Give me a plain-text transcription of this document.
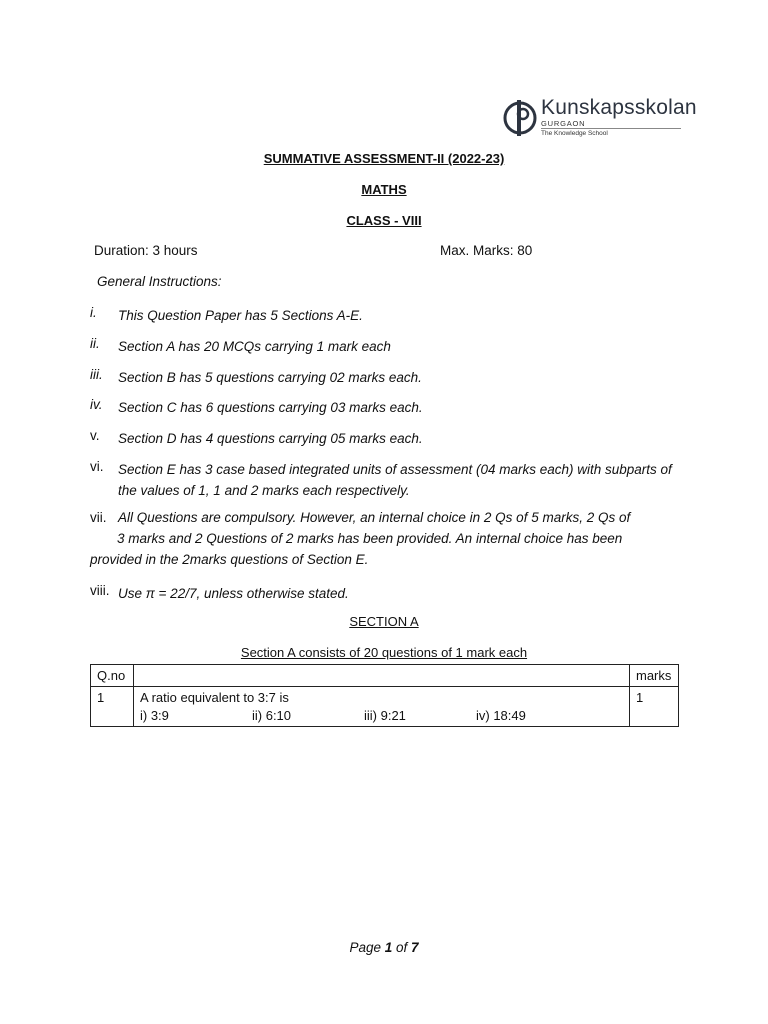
Kunskapsskolan
GURGAON
The Knowledge School
SUMMATIVE ASSESSMENT-II (2022-23)
MATHS
CLASS - VIII
Duration: 3 hours	Max. Marks: 80
General Instructions:
i. This Question Paper has 5 Sections A-E.
ii. Section A has 20 MCQs carrying 1 mark each
iii. Section B has 5 questions carrying 02 marks each.
iv. Section C has 6 questions carrying 03 marks each.
v. Section D has 4 questions carrying 05 marks each.
vi. Section E has 3 case based integrated units of assessment (04 marks each) with subparts of the values of 1, 1 and 2 marks each respectively.
vii. All Questions are compulsory. However, an internal choice in 2 Qs of 5 marks, 2 Qs of
3 marks and 2 Questions of 2 marks has been provided. An internal choice has been
provided in the 2marks questions of Section E.
viii. Use π = 22/7, unless otherwise stated.
SECTION A
Section A consists of 20 questions of 1 mark each
Q.no		marks
1	A ratio equivalent to 3:7 is
i) 3:9 ii) 6:10 iii) 9:21 iv) 18:49	1
Page 1 of 7
